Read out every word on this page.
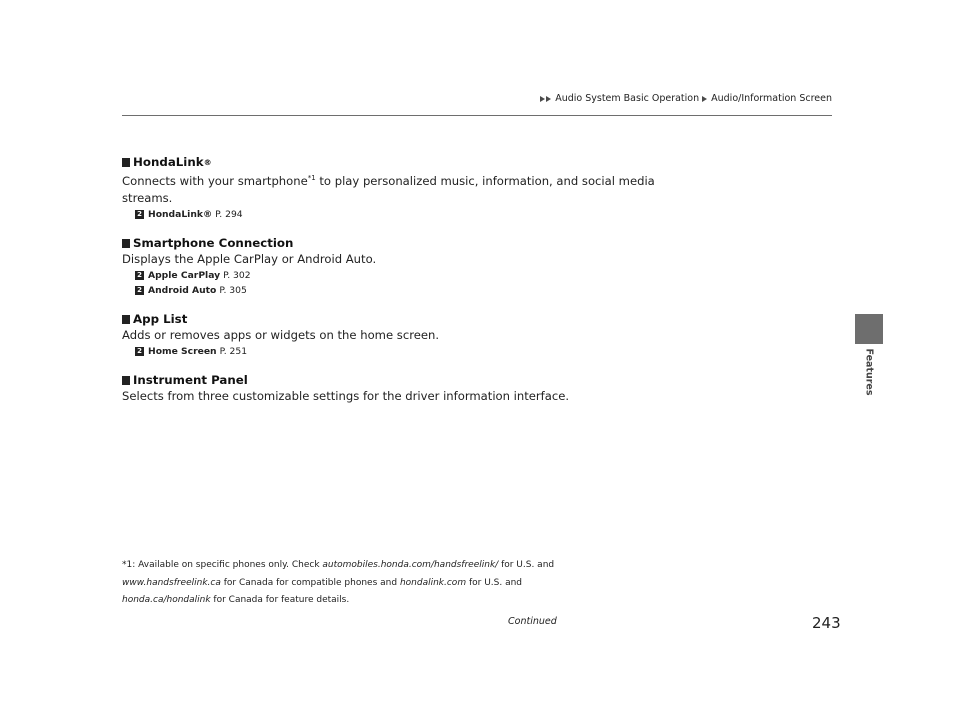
Audio System Basic Operation Audio/Information Screen
Features
HondaLink ®
Connects with your smartphone$^{*1}$ to play personalized music, information, and social media streams.
2 HondaLink® P. 294
Smartphone Connection
Displays the Apple CarPlay or Android Auto.
2 Apple CarPlay P. 302
2 Android Auto P. 305
App List
Adds or removes apps or widgets on the home screen.
2 Home Screen P. 251
Instrument Panel
Selects from three customizable settings for the driver information interface.
*1: Available on specific phones only. Check automobiles.honda.com/handsfreelink/ for U.S. and www.handsfreelink.ca for Canada for compatible phones and hondalink.com for U.S. and honda.ca/hondalink for Canada for feature details.
Continued	243
